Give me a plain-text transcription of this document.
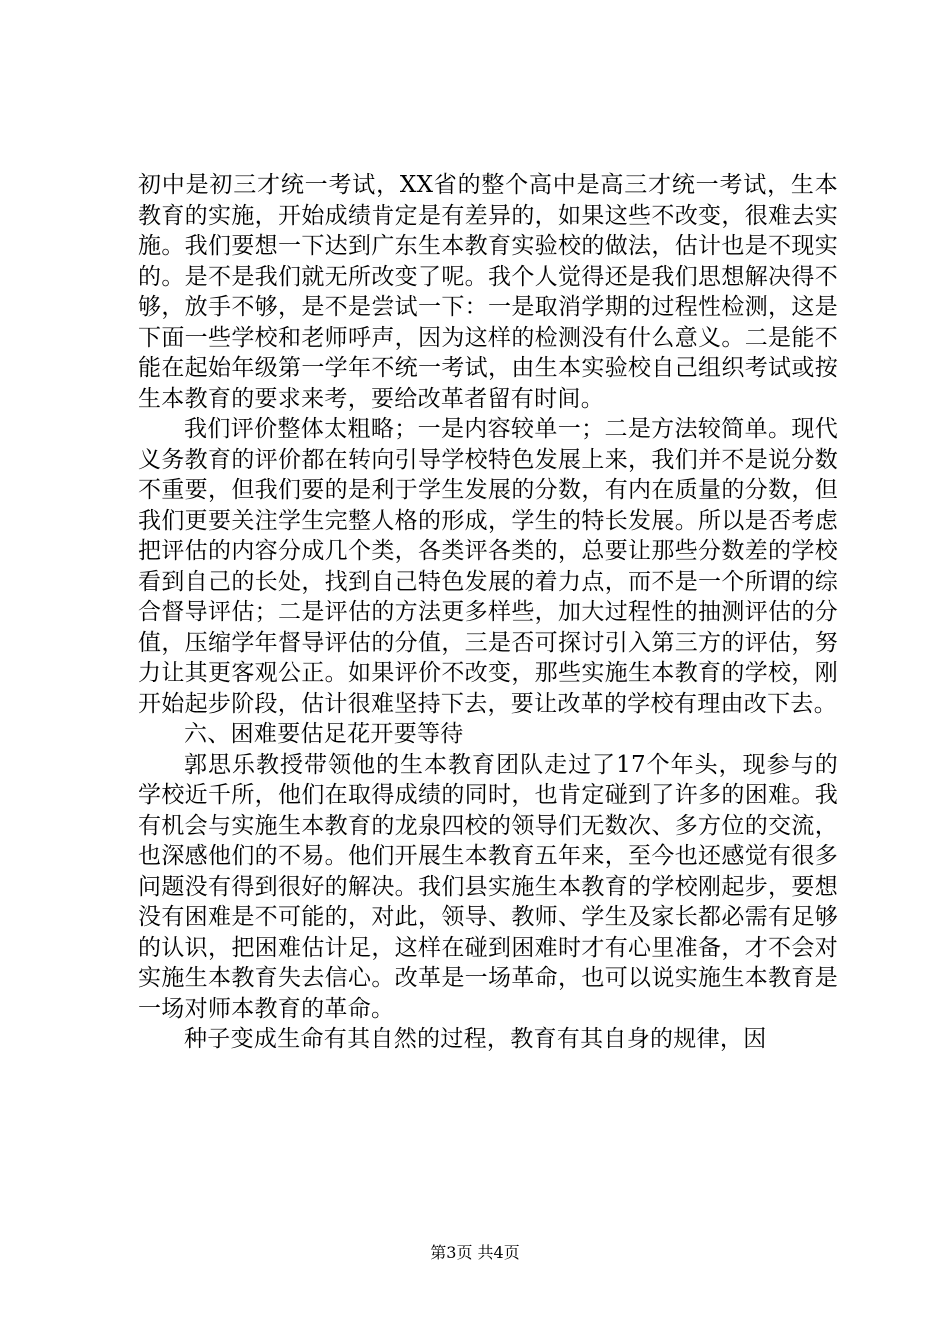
初中是初三才统一考试，XX省的整个高中是高三才统一考试，生本教育的实施，开始成绩肯定是有差异的，如果这些不改变，很难去实施。我们要想一下达到广东生本教育实验校的做法，估计也是不现实的。是不是我们就无所改变了呢。我个人觉得还是我们思想解决得不够，放手不够，是不是尝试一下：一是取消学期的过程性检测，这是下面一些学校和老师呼声，因为这样的检测没有什么意义。二是能不能在起始年级第一学年不统一考试，由生本实验校自己组织考试或按生本教育的要求来考，要给改革者留有时间。

我们评价整体太粗略；一是内容较单一；二是方法较简单。现代义务教育的评价都在转向引导学校特色发展上来，我们并不是说分数不重要，但我们要的是利于学生发展的分数，有内在质量的分数，但我们更要关注学生完整人格的形成，学生的特长发展。所以是否考虑把评估的内容分成几个类，各类评各类的，总要让那些分数差的学校看到自己的长处，找到自己特色发展的着力点，而不是一个所谓的综合督导评估；二是评估的方法更多样些，加大过程性的抽测评估的分值，压缩学年督导评估的分值，三是否可探讨引入第三方的评估，努力让其更客观公正。如果评价不改变，那些实施生本教育的学校，刚开始起步阶段，估计很难坚持下去，要让改革的学校有理由改下去。

六、困难要估足花开要等待

郭思乐教授带领他的生本教育团队走过了17个年头，现参与的学校近千所，他们在取得成绩的同时，也肯定碰到了许多的困难。我有机会与实施生本教育的龙泉四校的领导们无数次、多方位的交流，也深感他们的不易。他们开展生本教育五年来，至今也还感觉有很多问题没有得到很好的解决。我们县实施生本教育的学校刚起步，要想没有困难是不可能的，对此，领导、教师、学生及家长都必需有足够的认识，把困难估计足，这样在碰到困难时才有心里准备，才不会对实施生本教育失去信心。改革是一场革命，也可以说实施生本教育是一场对师本教育的革命。

种子变成生命有其自然的过程，教育有其自身的规律，因

第3页 共4页
